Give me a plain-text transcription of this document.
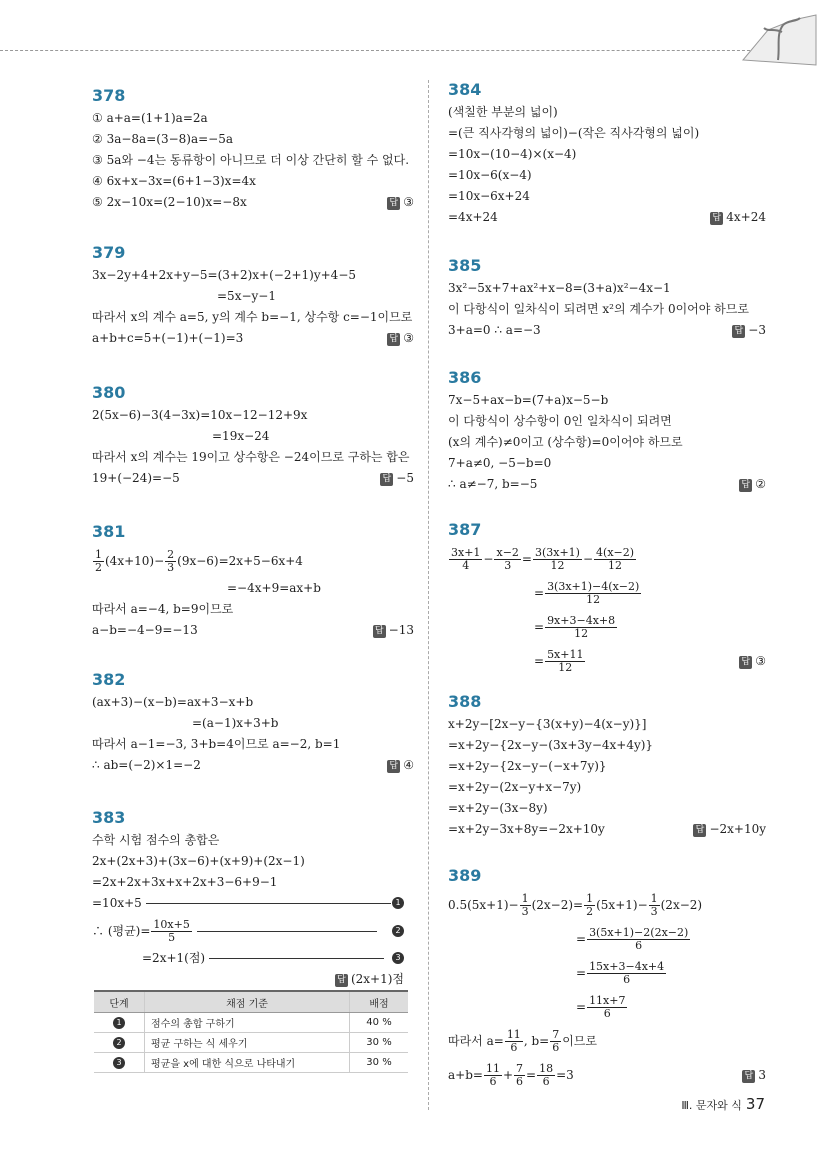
378
① a+a=(1+1)a=2a
② 3a−8a=(3−8)a=−5a
③ 5a와 −4는 동류항이 아니므로 더 이상 간단히 할 수 없다.
④ 6x+x−3x=(6+1−3)x=4x
⑤ 2x−10x=(2−10)x=−8x	답 ③
379
3x−2y+4+2x+y−5=(3+2)x+(−2+1)y+4−5
=5x−y−1
따라서 x의 계수 a=5, y의 계수 b=−1, 상수항 c=−1이므로
a+b+c=5+(−1)+(−1)=3	답 ③
380
2(5x−6)−3(4−3x)=10x−12−12+9x
=19x−24
따라서 x의 계수는 19이고 상수항은 −24이므로 구하는 합은
19+(−24)=−5	답 −5
381
$\frac{1}{2} (4x+10)- \frac{2}{3} (9x-6)=2x+5-6x+4$
=−4x+9=ax+b
따라서 a=−4, b=9이므로
a−b=−4−9=−13	답 −13
382
(ax+3)−(x−b)=ax+3−x+b
=(a−1)x+3+b
따라서 a−1=−3, 3+b=4이므로 a=−2, b=1
∴ ab=(−2)×1=−2	답 ④
383
수학 시험 점수의 총합은
2x+(2x+3)+(3x−6)+(x+9)+(2x−1)
=2x+2x+3x+x+2x+3−6+9−1
=10x+5	1
∴ (평균)= $\frac{10x+5}{5}$
	2
=2x+1(점)	3
답 (2x+1)점
단계	채점 기준	배점
1	점수의 총합 구하기	40 %
2	평균 구하는 식 세우기	30 %
3	평균을 x에 대한 식으로 나타내기	30 %
384
(색칠한 부분의 넓이)
=(큰 직사각형의 넓이)−(작은 직사각형의 넓이)
=10x−(10−4)×(x−4)
=10x−6(x−4)
=10x−6x+24
=4x+24	답 4x+24
385
3x²−5x+7+ax²+x−8=(3+a)x²−4x−1
이 다항식이 일차식이 되려면 x²의 계수가 0이어야 하므로
3+a=0 ∴ a=−3	답 −3
386
7x−5+ax−b=(7+a)x−5−b
이 다항식이 상수항이 0인 일차식이 되려면
(x의 계수)≠0이고 (상수항)=0이어야 하므로
7+a≠0, −5−b=0
∴ a≠−7, b=−5	답 ②
387
$\frac{3x+1}{4} - \frac{x-2}{3} = \frac{3(3x+1)}{12} - \frac{4(x-2)}{12}$
= $\frac{3(3x+1)-4(x-2)}{12}$
= $\frac{9x+3-4x+8}{12}$
= $\frac{5x+11}{12}$	답 ③
388
x+2y−[2x−y−{3(x+y)−4(x−y)}]
=x+2y−{2x−y−(3x+3y−4x+4y)}
=x+2y−{2x−y−(−x+7y)}
=x+2y−(2x−y+x−7y)
=x+2y−(3x−8y)
=x+2y−3x+8y=−2x+10y	답 −2x+10y
389
$0.5(5x+1)- \frac{1}{3} (2x-2)= \frac{1}{2} (5x+1)- \frac{1}{3} (2x-2)$
= $\frac{3(5x+1)-2(2x-2)}{6}$
= $\frac{15x+3-4x+4}{6}$
= $\frac{11x+7}{6}$
따라서 $a= \frac{11}{6}$ , $b= \frac{7}{6}$ 이므로
$a+b= \frac{11}{6} + \frac{7}{6} = \frac{18}{6} =3$	답 3
Ⅲ. 문자와 식 37
